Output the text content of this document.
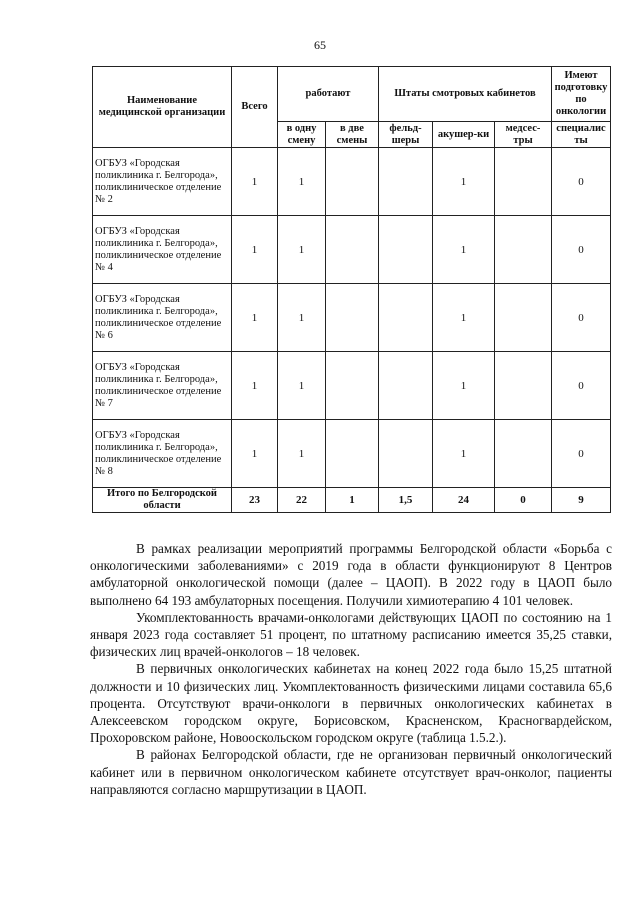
65
Наименование медицинской организации	Всего	работают		Штаты смотровых кабинетов			Имеют подготовку по онкологии
		в одну смену	в две смены	фельд-шеры	акушер-ки	медсес-тры	специалис ты
ОГБУЗ «Городская поликлиника г. Белгорода», поликлиническое отделение № 2	1	1			1		0
ОГБУЗ «Городская поликлиника г. Белгорода», поликлиническое отделение № 4	1	1			1		0
ОГБУЗ «Городская поликлиника г. Белгорода», поликлиническое отделение № 6	1	1			1		0
ОГБУЗ «Городская поликлиника г. Белгорода», поликлиническое отделение № 7	1	1			1		0
ОГБУЗ «Городская поликлиника г. Белгорода», поликлиническое отделение № 8	1	1			1		0
Итого по Белгородской области	23	22	1	1,5	24	0	9

В рамках реализации мероприятий программы Белгородской области «Борьба с онкологическими заболеваниями» с 2019 года в области функционируют 8 Центров амбулаторной онкологической помощи (далее – ЦАОП). В 2022 году в ЦАОП было выполнено 64 193 амбулаторных посещения. Получили химиотерапию 4 101 человек.

Укомплектованность врачами-онкологами действующих ЦАОП по состоянию на 1 января 2023 года составляет 51 процент, по штатному расписанию имеется 35,25 ставки, физических лиц врачей-онкологов – 18 человек.

В первичных онкологических кабинетах на конец 2022 года было 15,25 штатной должности и 10 физических лиц. Укомплектованность физическими лицами составила 65,6 процента. Отсутствуют врачи-онкологи в первичных онкологических кабинетах в Алексеевском городском округе, Борисовском, Красненском, Красногвардейском, Прохоровском районе, Новооскольском городском округе (таблица 1.5.2.).

В районах Белгородской области, где не организован первичный онкологический кабинет или в первичном онкологическом кабинете отсутствует врач-онколог, пациенты направляются согласно маршрутизации в ЦАОП.
